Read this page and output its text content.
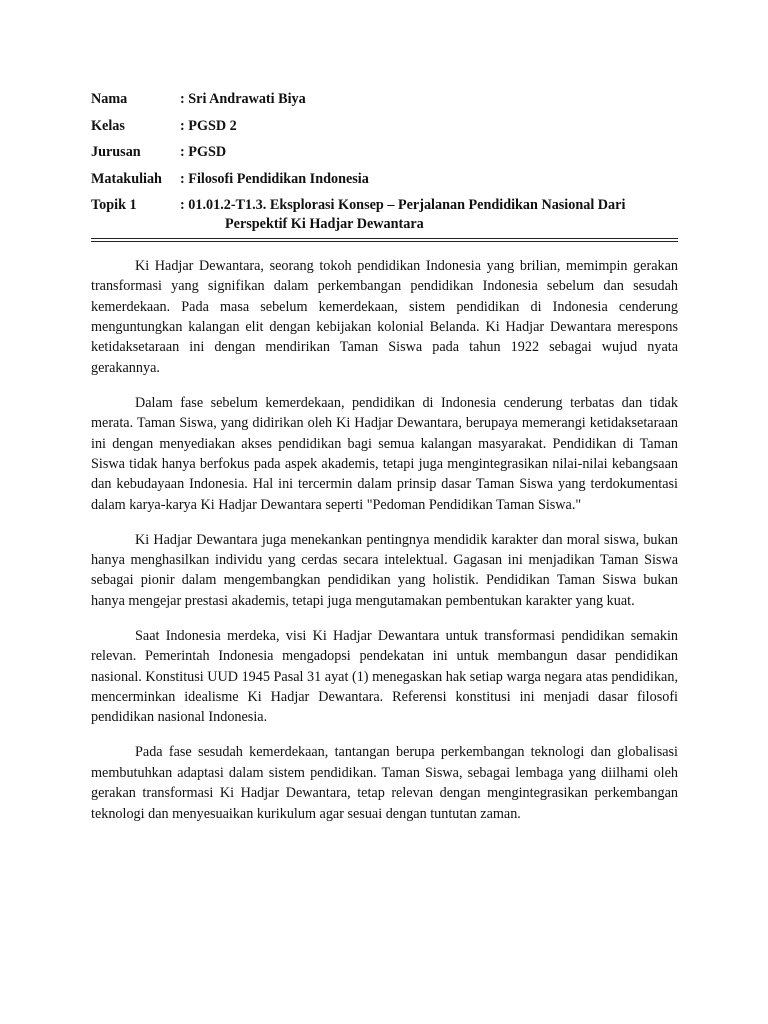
Nama	: Sri Andrawati Biya
Kelas	: PGSD 2
Jurusan	: PGSD
Matakuliah	: Filosofi Pendidikan Indonesia
Topik 1	: 01.01.2-T1.3. Eksplorasi Konsep – Perjalanan Pendidikan Nasional Dari
Perspektif Ki Hadjar Dewantara

Ki Hadjar Dewantara, seorang tokoh pendidikan Indonesia yang brilian, memimpin gerakan transformasi yang signifikan dalam perkembangan pendidikan Indonesia sebelum dan sesudah kemerdekaan. Pada masa sebelum kemerdekaan, sistem pendidikan di Indonesia cenderung menguntungkan kalangan elit dengan kebijakan kolonial Belanda. Ki Hadjar Dewantara merespons ketidaksetaraan ini dengan mendirikan Taman Siswa pada tahun 1922 sebagai wujud nyata gerakannya.

Dalam fase sebelum kemerdekaan, pendidikan di Indonesia cenderung terbatas dan tidak merata. Taman Siswa, yang didirikan oleh Ki Hadjar Dewantara, berupaya memerangi ketidaksetaraan ini dengan menyediakan akses pendidikan bagi semua kalangan masyarakat. Pendidikan di Taman Siswa tidak hanya berfokus pada aspek akademis, tetapi juga mengintegrasikan nilai-nilai kebangsaan dan kebudayaan Indonesia. Hal ini tercermin dalam prinsip dasar Taman Siswa yang terdokumentasi dalam karya-karya Ki Hadjar Dewantara seperti "Pedoman Pendidikan Taman Siswa."

Ki Hadjar Dewantara juga menekankan pentingnya mendidik karakter dan moral siswa, bukan hanya menghasilkan individu yang cerdas secara intelektual. Gagasan ini menjadikan Taman Siswa sebagai pionir dalam mengembangkan pendidikan yang holistik. Pendidikan Taman Siswa bukan hanya mengejar prestasi akademis, tetapi juga mengutamakan pembentukan karakter yang kuat.

Saat Indonesia merdeka, visi Ki Hadjar Dewantara untuk transformasi pendidikan semakin relevan. Pemerintah Indonesia mengadopsi pendekatan ini untuk membangun dasar pendidikan nasional. Konstitusi UUD 1945 Pasal 31 ayat (1) menegaskan hak setiap warga negara atas pendidikan, mencerminkan idealisme Ki Hadjar Dewantara. Referensi konstitusi ini menjadi dasar filosofi pendidikan nasional Indonesia.

Pada fase sesudah kemerdekaan, tantangan berupa perkembangan teknologi dan globalisasi membutuhkan adaptasi dalam sistem pendidikan. Taman Siswa, sebagai lembaga yang diilhami oleh gerakan transformasi Ki Hadjar Dewantara, tetap relevan dengan mengintegrasikan perkembangan teknologi dan menyesuaikan kurikulum agar sesuai dengan tuntutan zaman.
